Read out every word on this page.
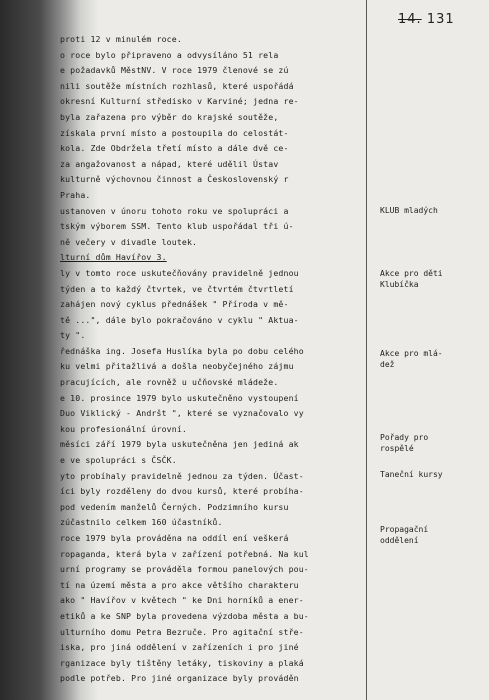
14. 131
proti 12 v minulém roce.
o roce bylo připraveno a odvysíláno 51 rela
e požadavků MěstNV. V roce 1979 členové se zú
nili soutěže místních rozhlasů, které uspořádá
okresní Kulturní středisko v Karviné; jedna re-
byla zařazena pro výběr do krajské soutěže,
získala první místo a postoupila do celostát-
kola. Zde Obdržela třetí místo a dále dvě ce-
za angažovanost a nápad, které udělil Ústav
kulturně výchovnou činnost a Československý r
Praha.
ustanoven v únoru tohoto roku ve spolupráci a
tským výborem SSM. Tento klub uspořádal tři ú-
ně večery v divadle loutek.
lturní dům Havířov 3.
ly v tomto roce uskutečňovány pravidelně jednou
týden a to každý čtvrtek, ve čtvrtém čtvrtletí
zahájen nový cyklus přednášek " Příroda v mě-
tě ...", dále bylo pokračováno v cyklu " Aktua-
ty ".
řednáška ing. Josefa Huslíka byla po dobu celého
ku velmi přitažlivá a došla neobyčejného zájmu
pracujících, ale rovněž u učňovské mládeže.
e 10. prosince 1979 bylo uskutečněno vystoupení
Duo Viklický - Andršt ", které se vyznačovalo vy
kou profesionální úrovní.
měsíci září 1979 byla uskutečněna jen jediná ak
e ve spolupráci s ČSČK.
yto probíhaly pravidelně jednou za týden. Účast-
íci byly rozděleny do dvou kursů, které probíha-
pod vedením manželů Černých. Podzimního kursu
zúčastnilo celkem 160 účastníků.
roce 1979 byla prováděna na oddíl ení veškerá
ropaganda, která byla v zařízení potřebná. Na kul
urní programy se prováděla formou panelových pou-
tí na území města a pro akce většího charakteru
ako " Havířov v květech " ke Dni horníků a ener-
etiků a ke SNP byla provedena výzdoba města a bu-
ulturního domu Petra Bezruče. Pro agitační stře-
iska, pro jiná oddělení v zařízeních i pro jiné
rganizace byly tištěny letáky, tiskoviny a plaká
podle potřeb. Pro jiné organizace byly prováděn
KLUB mladých
Akce pro děti
Klubíčka
Akce pro mlá-
dež
Pořady pro
rospělé
Taneční kursy
Propagační
oddělení
